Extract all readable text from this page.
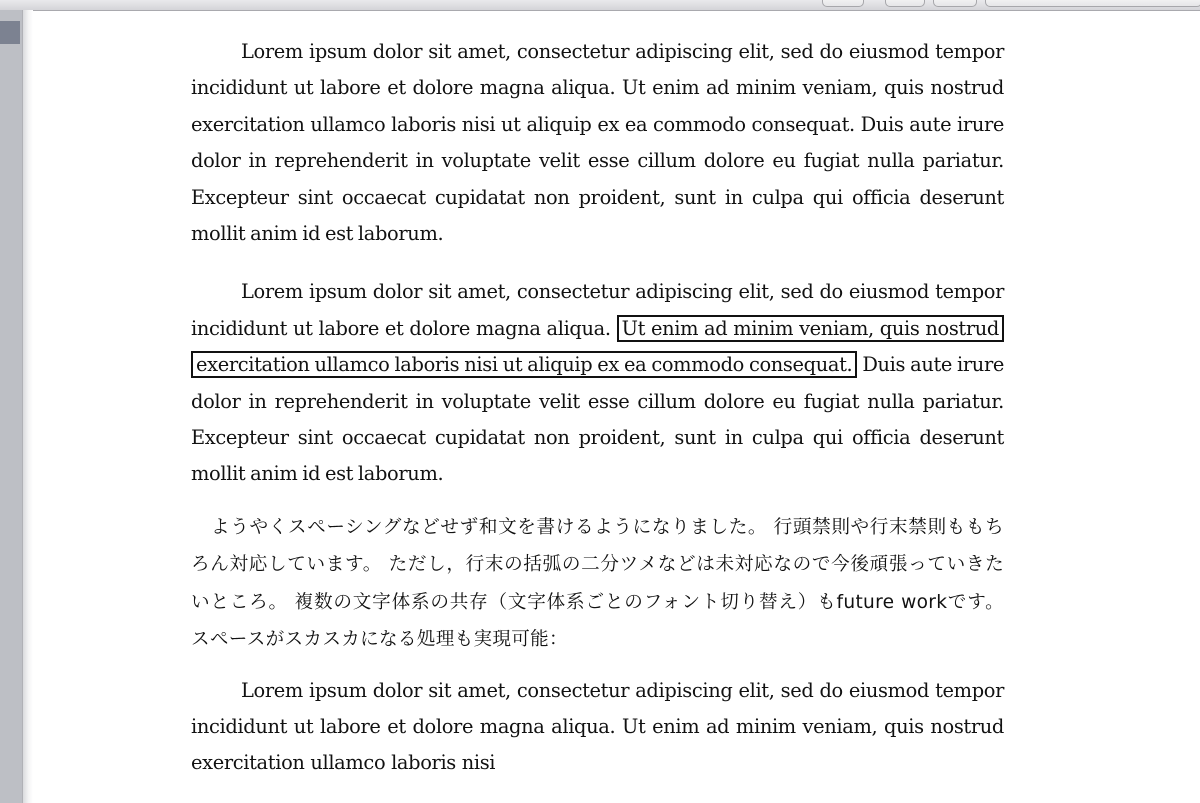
Lorem ipsum dolor sit amet, consectetur adipiscing elit, sed do eiusmod tempor incididunt ut labore et dolore magna aliqua. Ut enim ad minim veniam, quis nostrud exercitation ullamco laboris nisi ut aliquip ex ea commodo consequat. Duis aute irure dolor in reprehenderit in voluptate velit esse cillum dolore eu fugiat nulla pariatur. Excepteur sint occaecat cupidatat non proident, sunt in culpa qui officia deserunt mollit anim id est laborum.

Lorem ipsum dolor sit amet, consectetur adipiscing elit, sed do eiusmod tempor incididunt ut labore et dolore magna aliqua. Ut enim ad minim veniam, quis nostrud exercitation ullamco laboris nisi ut aliquip ex ea commodo consequat. Duis aute irure dolor in reprehenderit in voluptate velit esse cillum dolore eu fugiat nulla pariatur. Excepteur sint occaecat cupidatat non proident, sunt in culpa qui officia deserunt mollit anim id est laborum.

ようやくスペーシングなどせず和文を書けるようになりました。 行頭禁則や行末禁則ももちろん対応しています。 ただし，行末の括弧の二分ツメなどは未対応なので今後頑張っていきたいところ。 複数の文字体系の共存（文字体系ごとのフォント切り替え）もfuture workです。 スペースがスカスカになる処理も実現可能：

Lorem ipsum dolor sit amet, consectetur adipiscing elit, sed do eiusmod tempor incididunt ut labore et dolore magna aliqua. Ut enim ad minim veniam, quis nostrud exercitation ullamco laboris nisi
